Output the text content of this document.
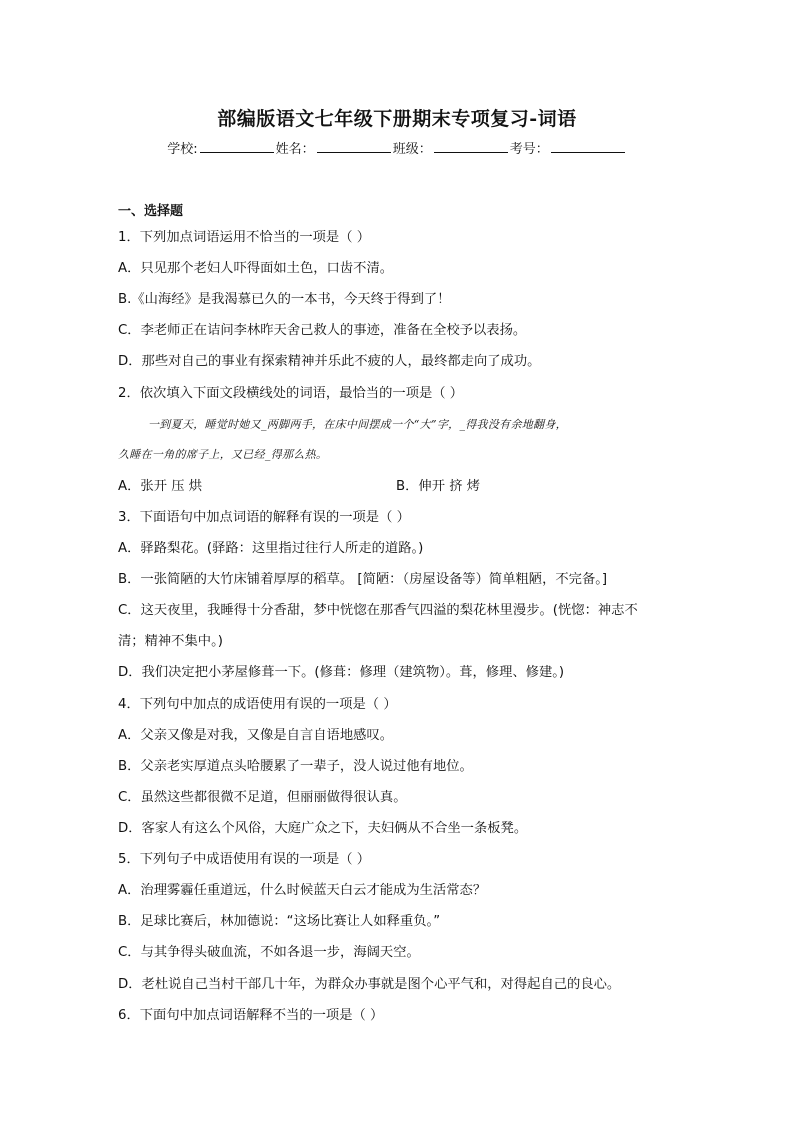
部编版语文七年级下册期末专项复习-词语
学校:	姓名：	班级：	考号：
一、选择题
1．下列加点词语运用不恰当的一项是（ ）
A．只见那个老妇人吓得面如土色，口齿不清。
B.《山海经》是我渴慕已久的一本书，今天终于得到了！
C．李老师正在诘问李林昨天舍己救人的事迹，准备在全校予以表扬。
D．那些对自己的事业有探索精神并乐此不疲的人，最终都走向了成功。
2．依次填入下面文段横线处的词语，最恰当的一项是（ ）
一到夏天，睡觉时她又_两脚两手，在床中间摆成一个“大”字，_得我没有余地翻身，
久睡在一角的席子上，又已经_得那么热。
A．张开 压 烘	B．伸开 挤 烤
3．下面语句中加点词语的解释有误的一项是（ ）
A．驿路梨花。(驿路：这里指过往行人所走的道路。)
B．一张简陋的大竹床铺着厚厚的稻草。 [简陋：（房屋设备等）简单粗陋，不完备。]
C．这天夜里，我睡得十分香甜，梦中恍惚在那香气四溢的梨花林里漫步。(恍惚：神志不
清；精神不集中。)
D．我们决定把小茅屋修葺一下。(修葺：修理（建筑物）。葺，修理、修建。)
4．下列句中加点的成语使用有误的一项是（ ）
A．父亲又像是对我，又像是自言自语地感叹。
B．父亲老实厚道点头哈腰累了一辈子，没人说过他有地位。
C．虽然这些都很微不足道，但丽丽做得很认真。
D．客家人有这么个风俗，大庭广众之下，夫妇俩从不合坐一条板凳。
5．下列句子中成语使用有误的一项是（ ）
A．治理雾霾任重道远，什么时候蓝天白云才能成为生活常态？
B．足球比赛后，林加德说：“这场比赛让人如释重负。”
C．与其争得头破血流，不如各退一步，海阔天空。
D．老杜说自己当村干部几十年，为群众办事就是图个心平气和，对得起自己的良心。
6．下面句中加点词语解释不当的一项是（ ）
